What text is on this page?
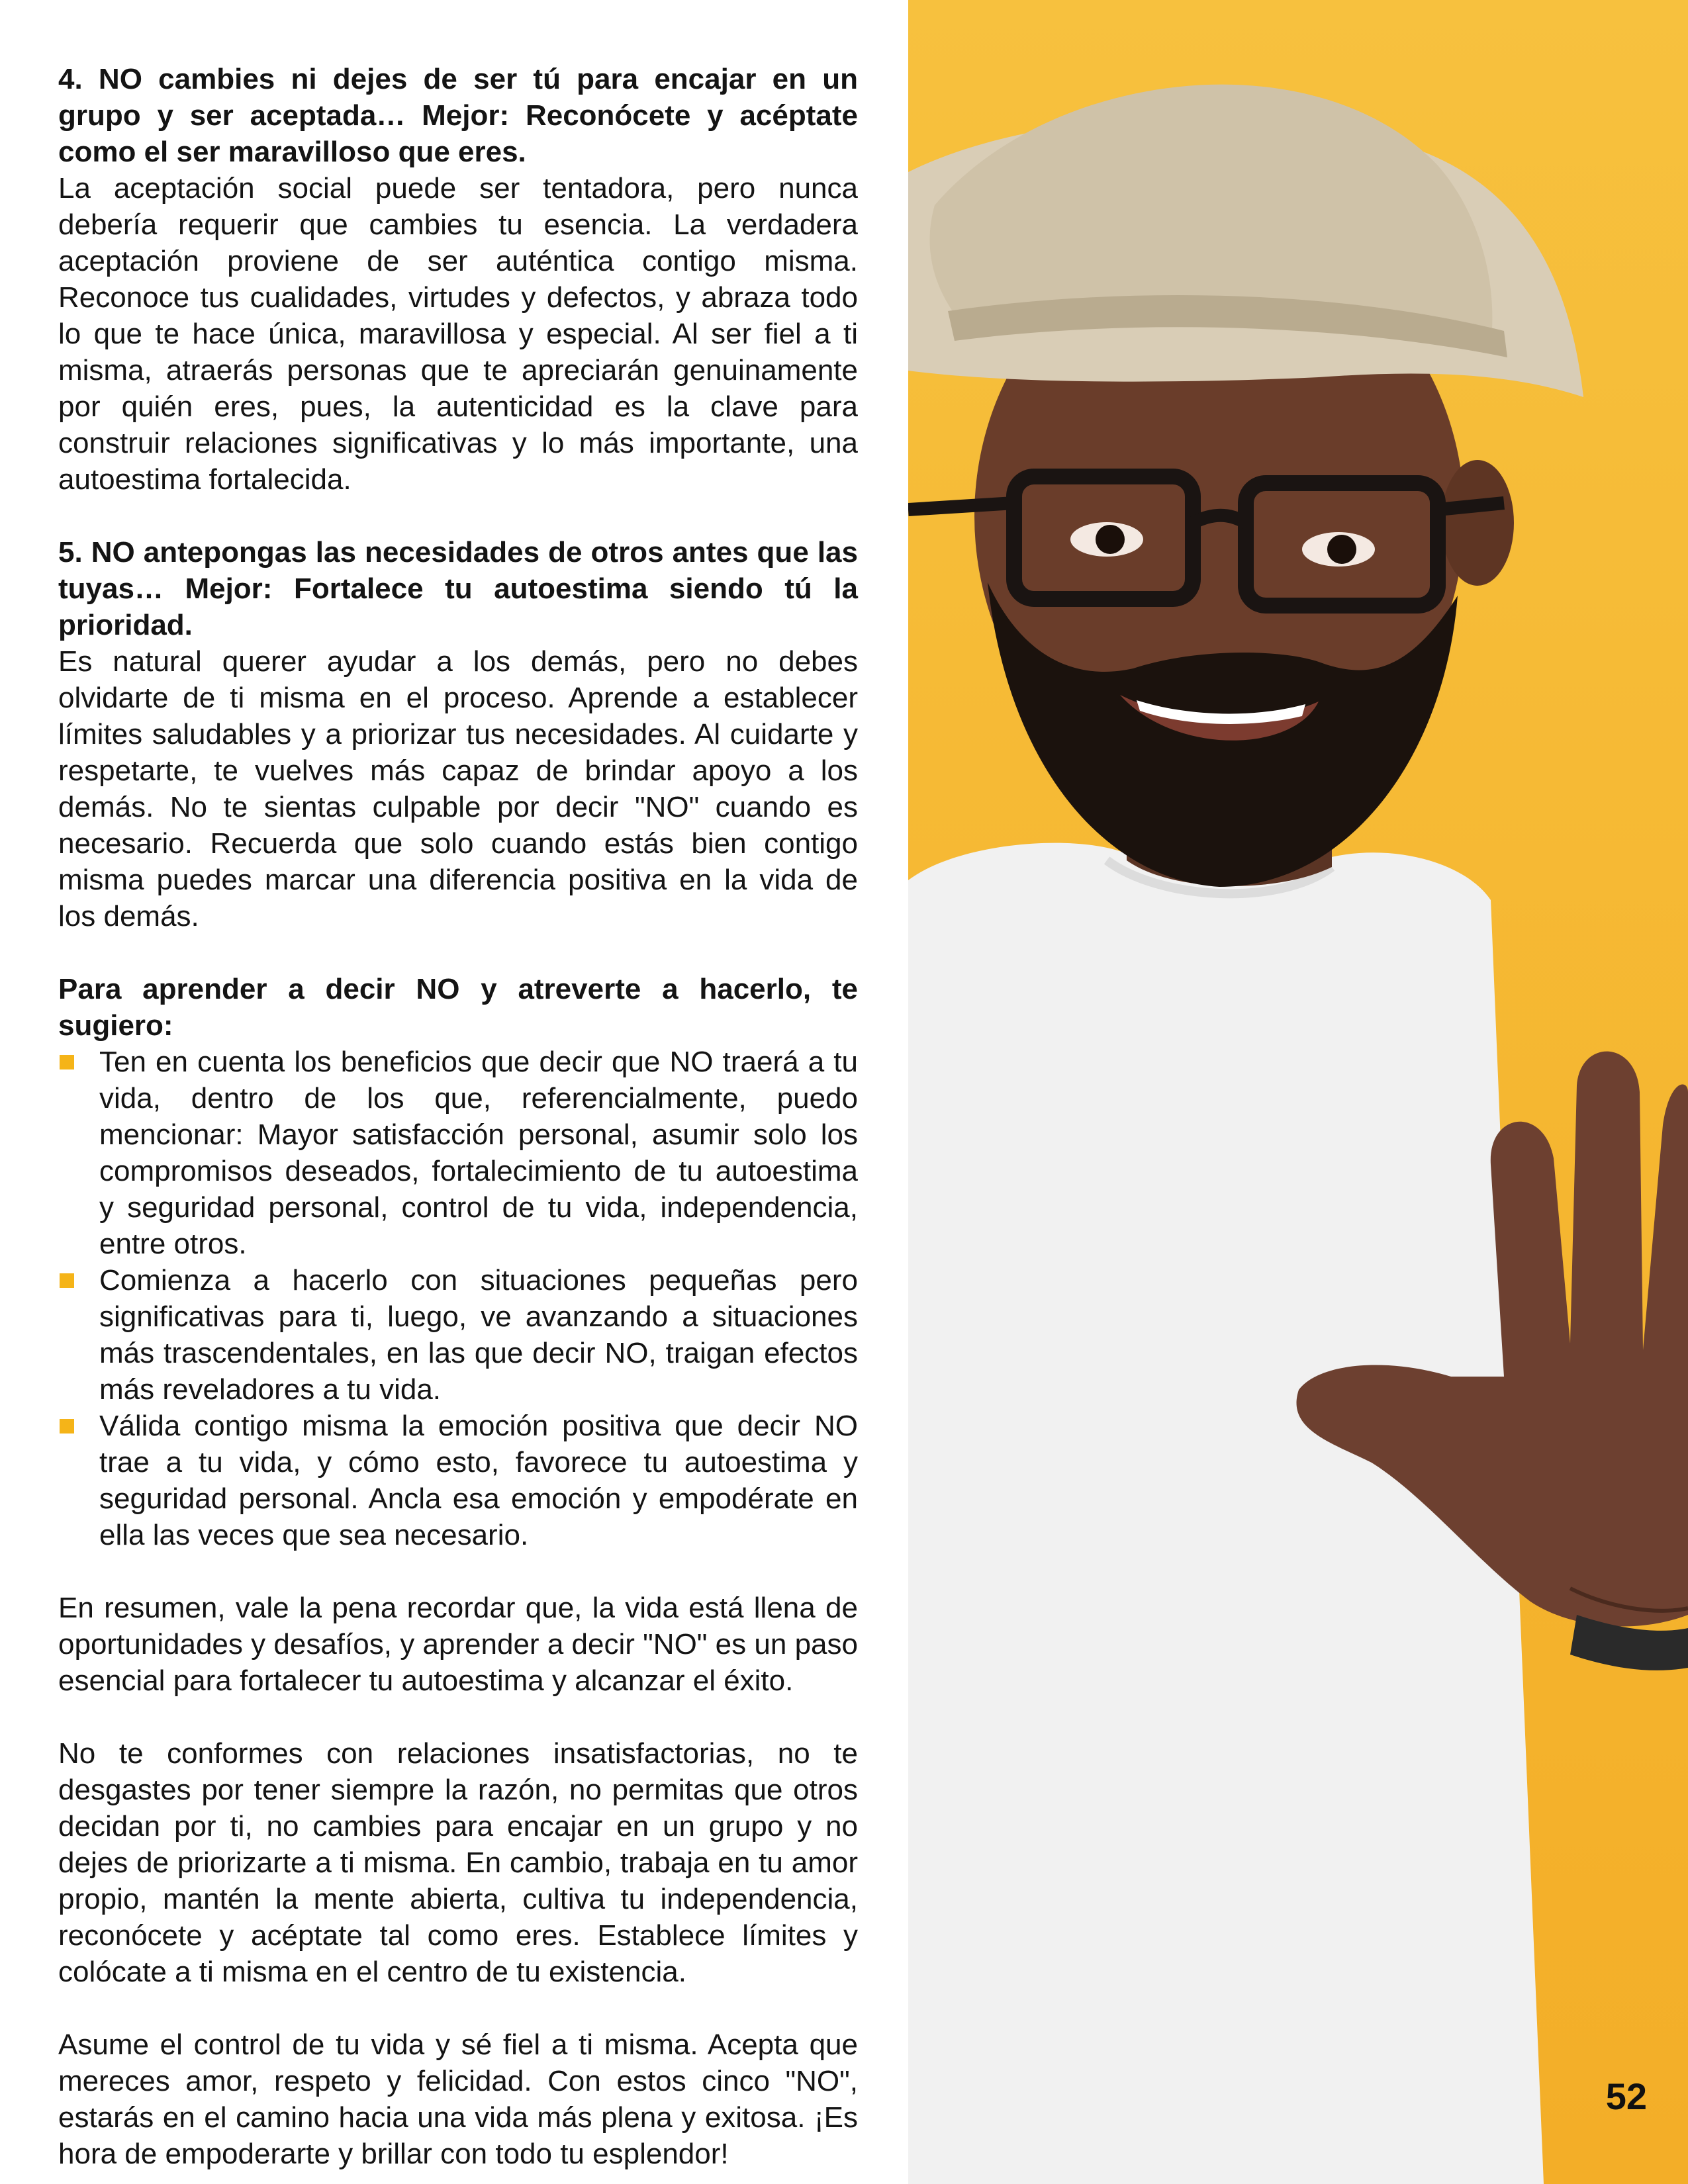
4. NO cambies ni dejes de ser tú para encajar en un grupo y ser aceptada… Mejor: Reconócete y acéptate como el ser maravilloso que eres.

La aceptación social puede ser tentadora, pero nunca debería requerir que cambies tu esencia. La verdadera aceptación proviene de ser auténtica contigo misma. Reconoce tus cualidades, virtudes y defectos, y abraza todo lo que te hace única, maravillosa y especial. Al ser fiel a ti misma, atraerás personas que te apreciarán genuinamente por quién eres, pues, la autenticidad es la clave para construir relaciones significativas y lo más importante, una autoestima fortalecida.

5. NO antepongas las necesidades de otros antes que las tuyas… Mejor: Fortalece tu autoestima siendo tú la prioridad.

Es natural querer ayudar a los demás, pero no debes olvidarte de ti misma en el proceso. Aprende a establecer límites saludables y a priorizar tus necesidades. Al cuidarte y respetarte, te vuelves más capaz de brindar apoyo a los demás. No te sientas culpable por decir "NO" cuando es necesario. Recuerda que solo cuando estás bien contigo misma puedes marcar una diferencia positiva en la vida de los demás.

Para aprender a decir NO y atreverte a hacerlo, te sugiero:

Ten en cuenta los beneficios que decir que NO traerá a tu vida, dentro de los que, referencialmente, puedo mencionar: Mayor satisfacción personal, asumir solo los compromisos deseados, fortalecimiento de tu autoestima y seguridad personal, control de tu vida, independencia, entre otros.
Comienza a hacerlo con situaciones pequeñas pero significativas para ti, luego, ve avanzando a situaciones más trascendentales, en las que decir NO, traigan efectos más reveladores a tu vida.
Válida contigo misma la emoción positiva que decir NO trae a tu vida, y cómo esto, favorece tu autoestima y seguridad personal. Ancla esa emoción y empodérate en ella las veces que sea necesario.

En resumen, vale la pena recordar que, la vida está llena de oportunidades y desafíos, y aprender a decir "NO" es un paso esencial para fortalecer tu autoestima y alcanzar el éxito.

No te conformes con relaciones insatisfactorias, no te desgastes por tener siempre la razón, no permitas que otros decidan por ti, no cambies para encajar en un grupo y no dejes de priorizarte a ti misma. En cambio, trabaja en tu amor propio, mantén la mente abierta, cultiva tu independencia, reconócete y acéptate tal como eres. Establece límites y colócate a ti misma en el centro de tu existencia.

Asume el control de tu vida y sé fiel a ti misma. Acepta que mereces amor, respeto y felicidad. Con estos cinco "NO", estarás en el camino hacia una vida más plena y exitosa. ¡Es hora de empoderarte y brillar con todo tu esplendor!

52
